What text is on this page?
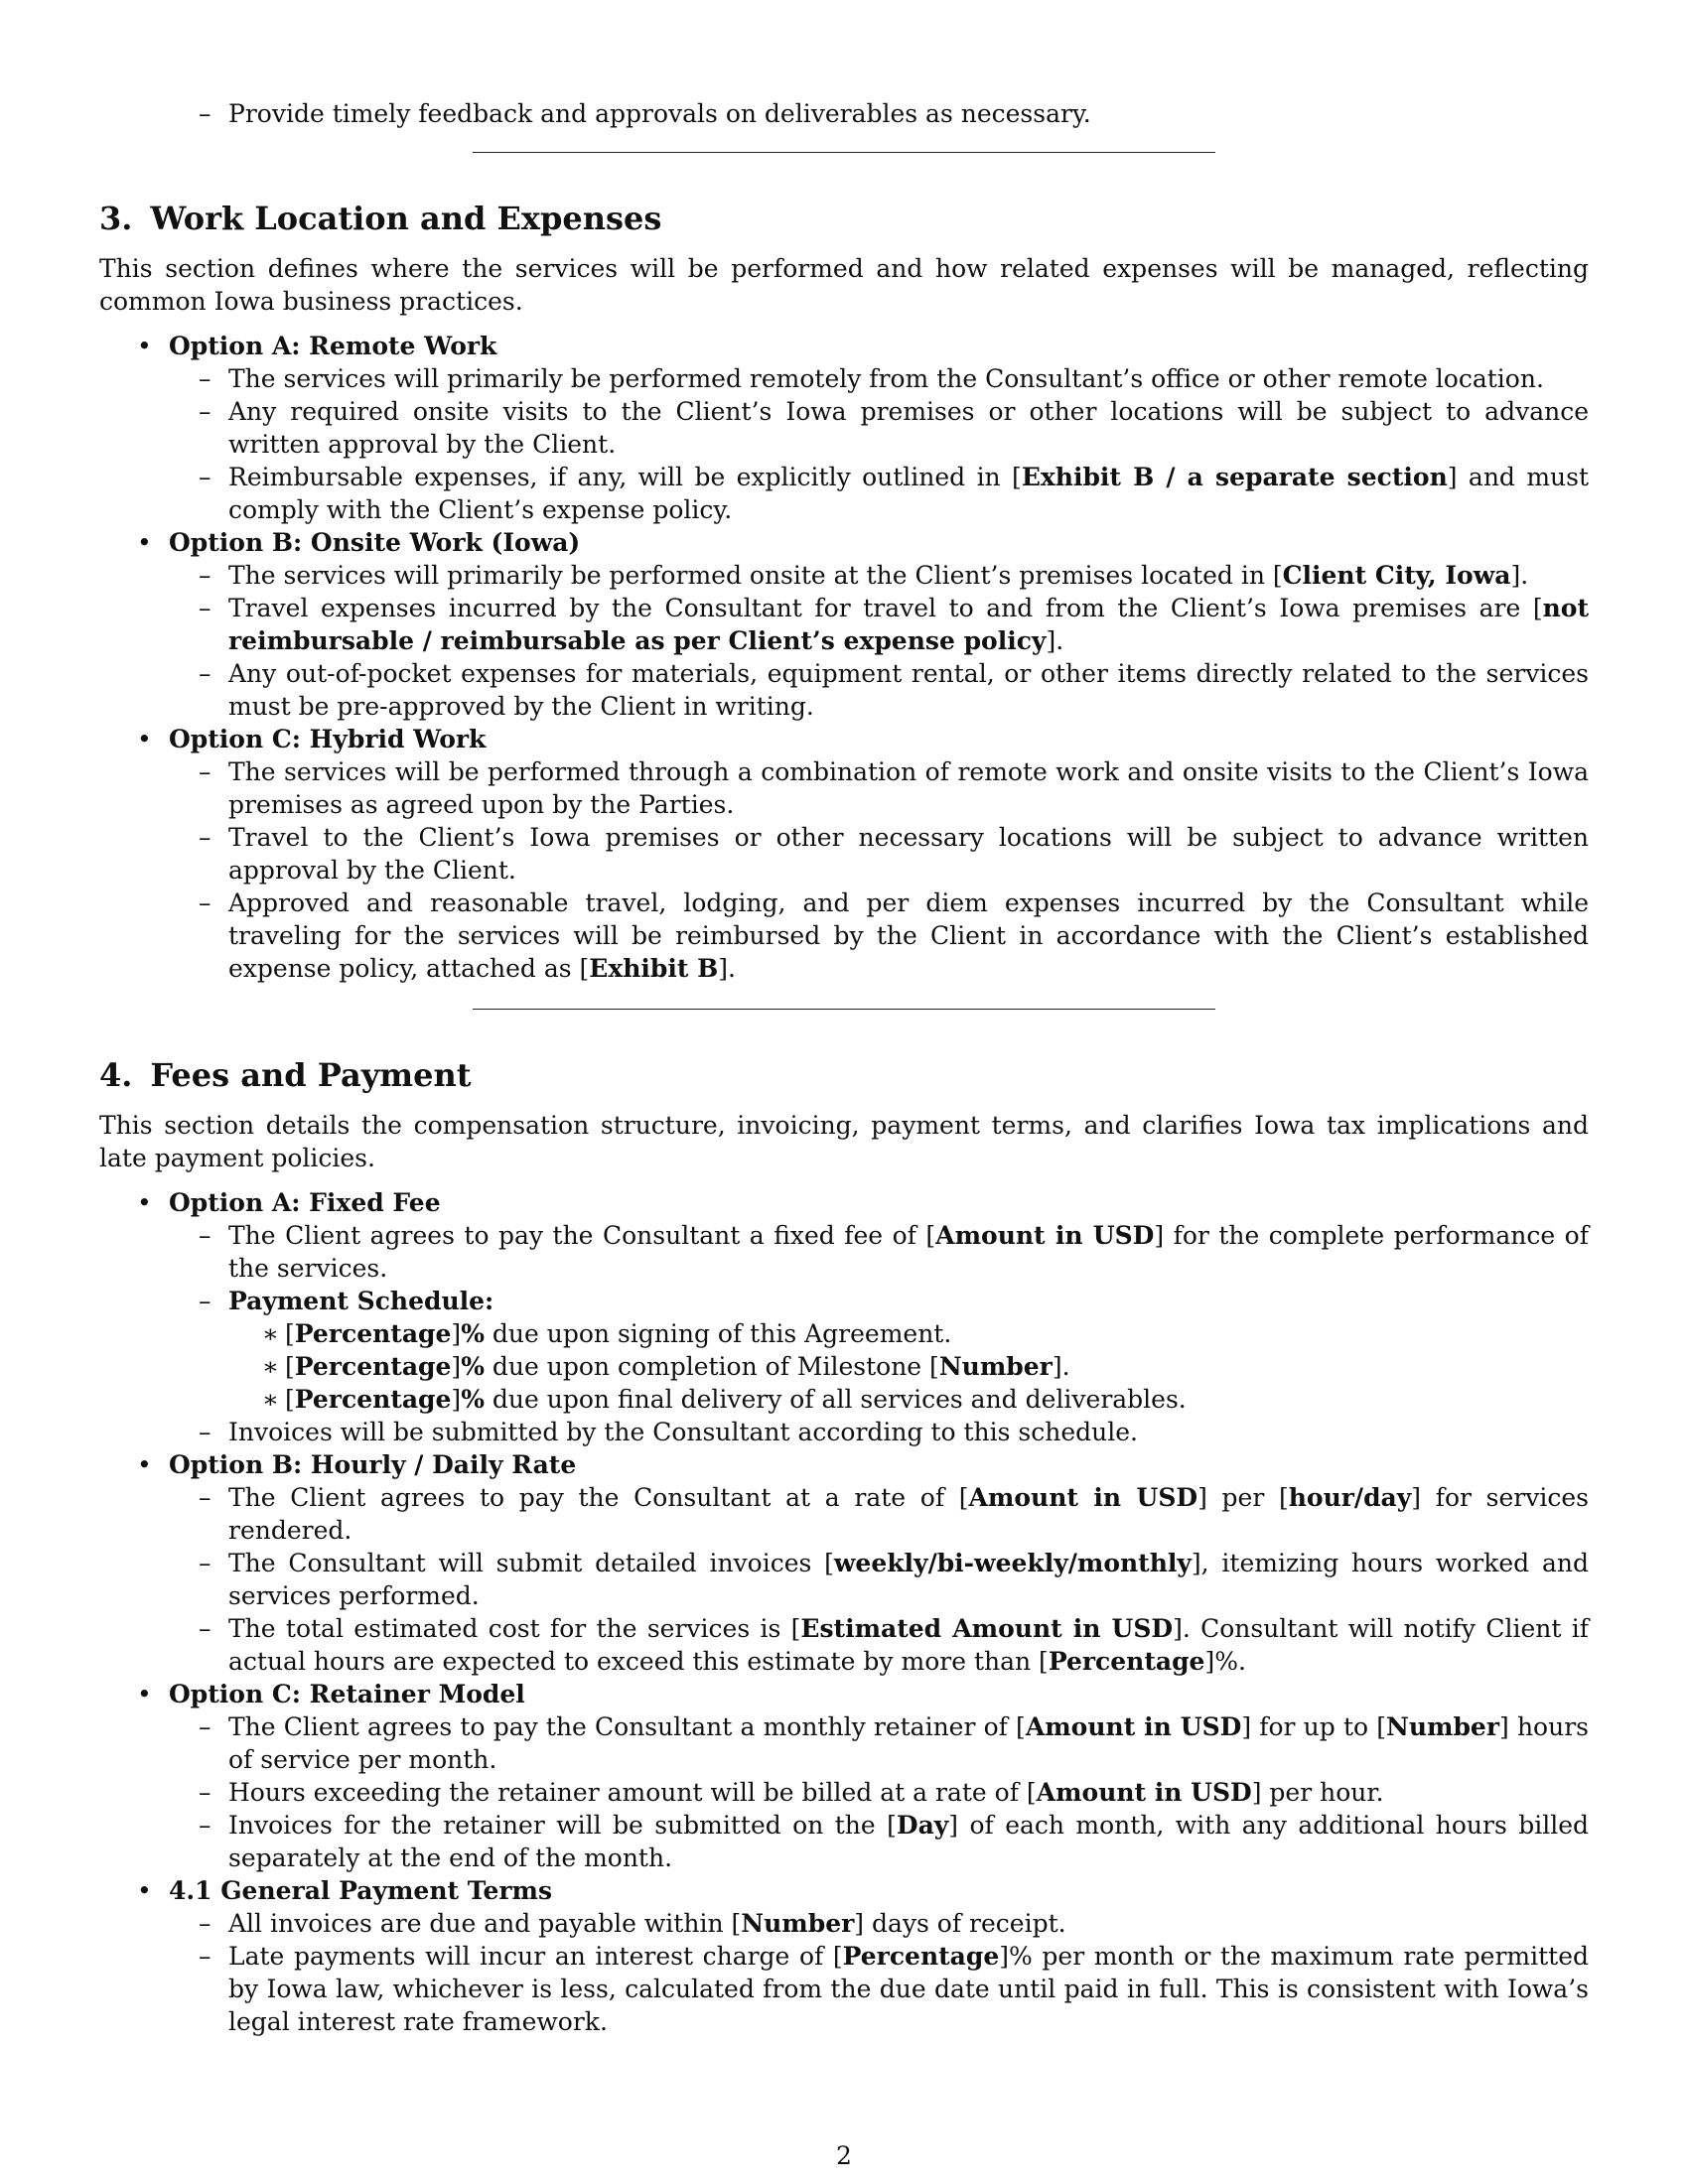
– Provide timely feedback and approvals on deliverables as necessary.
3. Work Location and Expenses

This section defines where the services will be performed and how related expenses will be managed, reflecting common Iowa business practices.

• Option A: Remote Work
– The services will primarily be performed remotely from the Consultant’s office or other remote location.
– Any required onsite visits to the Client’s Iowa premises or other locations will be subject to advance written approval by the Client.
– Reimbursable expenses, if any, will be explicitly outlined in [Exhibit B / a separate section] and must comply with the Client’s expense policy.
• Option B: Onsite Work (Iowa)
– The services will primarily be performed onsite at the Client’s premises located in [Client City, Iowa].
– Travel expenses incurred by the Consultant for travel to and from the Client’s Iowa premises are [not reimbursable / reimbursable as per Client’s expense policy].
– Any out-of-pocket expenses for materials, equipment rental, or other items directly related to the services must be pre-approved by the Client in writing.
• Option C: Hybrid Work
– The services will be performed through a combination of remote work and onsite visits to the Client’s Iowa premises as agreed upon by the Parties.
– Travel to the Client’s Iowa premises or other necessary locations will be subject to advance written approval by the Client.
– Approved and reasonable travel, lodging, and per diem expenses incurred by the Consultant while traveling for the services will be reimbursed by the Client in accordance with the Client’s established expense policy, attached as [Exhibit B].
4. Fees and Payment

This section details the compensation structure, invoicing, payment terms, and clarifies Iowa tax implications and late payment policies.

• Option A: Fixed Fee
– The Client agrees to pay the Consultant a fixed fee of [Amount in USD] for the complete performance of the services.
– Payment Schedule:
∗ [Percentage]% due upon signing of this Agreement.
∗ [Percentage]% due upon completion of Milestone [Number].
∗ [Percentage]% due upon final delivery of all services and deliverables.
– Invoices will be submitted by the Consultant according to this schedule.
• Option B: Hourly / Daily Rate
– The Client agrees to pay the Consultant at a rate of [Amount in USD] per [hour/day] for services rendered.
– The Consultant will submit detailed invoices [weekly/bi-weekly/monthly], itemizing hours worked and services performed.
– The total estimated cost for the services is [Estimated Amount in USD]. Consultant will notify Client if actual hours are expected to exceed this estimate by more than [Percentage]%.
• Option C: Retainer Model
– The Client agrees to pay the Consultant a monthly retainer of [Amount in USD] for up to [Number] hours of service per month.
– Hours exceeding the retainer amount will be billed at a rate of [Amount in USD] per hour.
– Invoices for the retainer will be submitted on the [Day] of each month, with any additional hours billed separately at the end of the month.
• 4.1 General Payment Terms
– All invoices are due and payable within [Number] days of receipt.
– Late payments will incur an interest charge of [Percentage]% per month or the maximum rate permitted by Iowa law, whichever is less, calculated from the due date until paid in full. This is consistent with Iowa’s legal interest rate framework.
2
